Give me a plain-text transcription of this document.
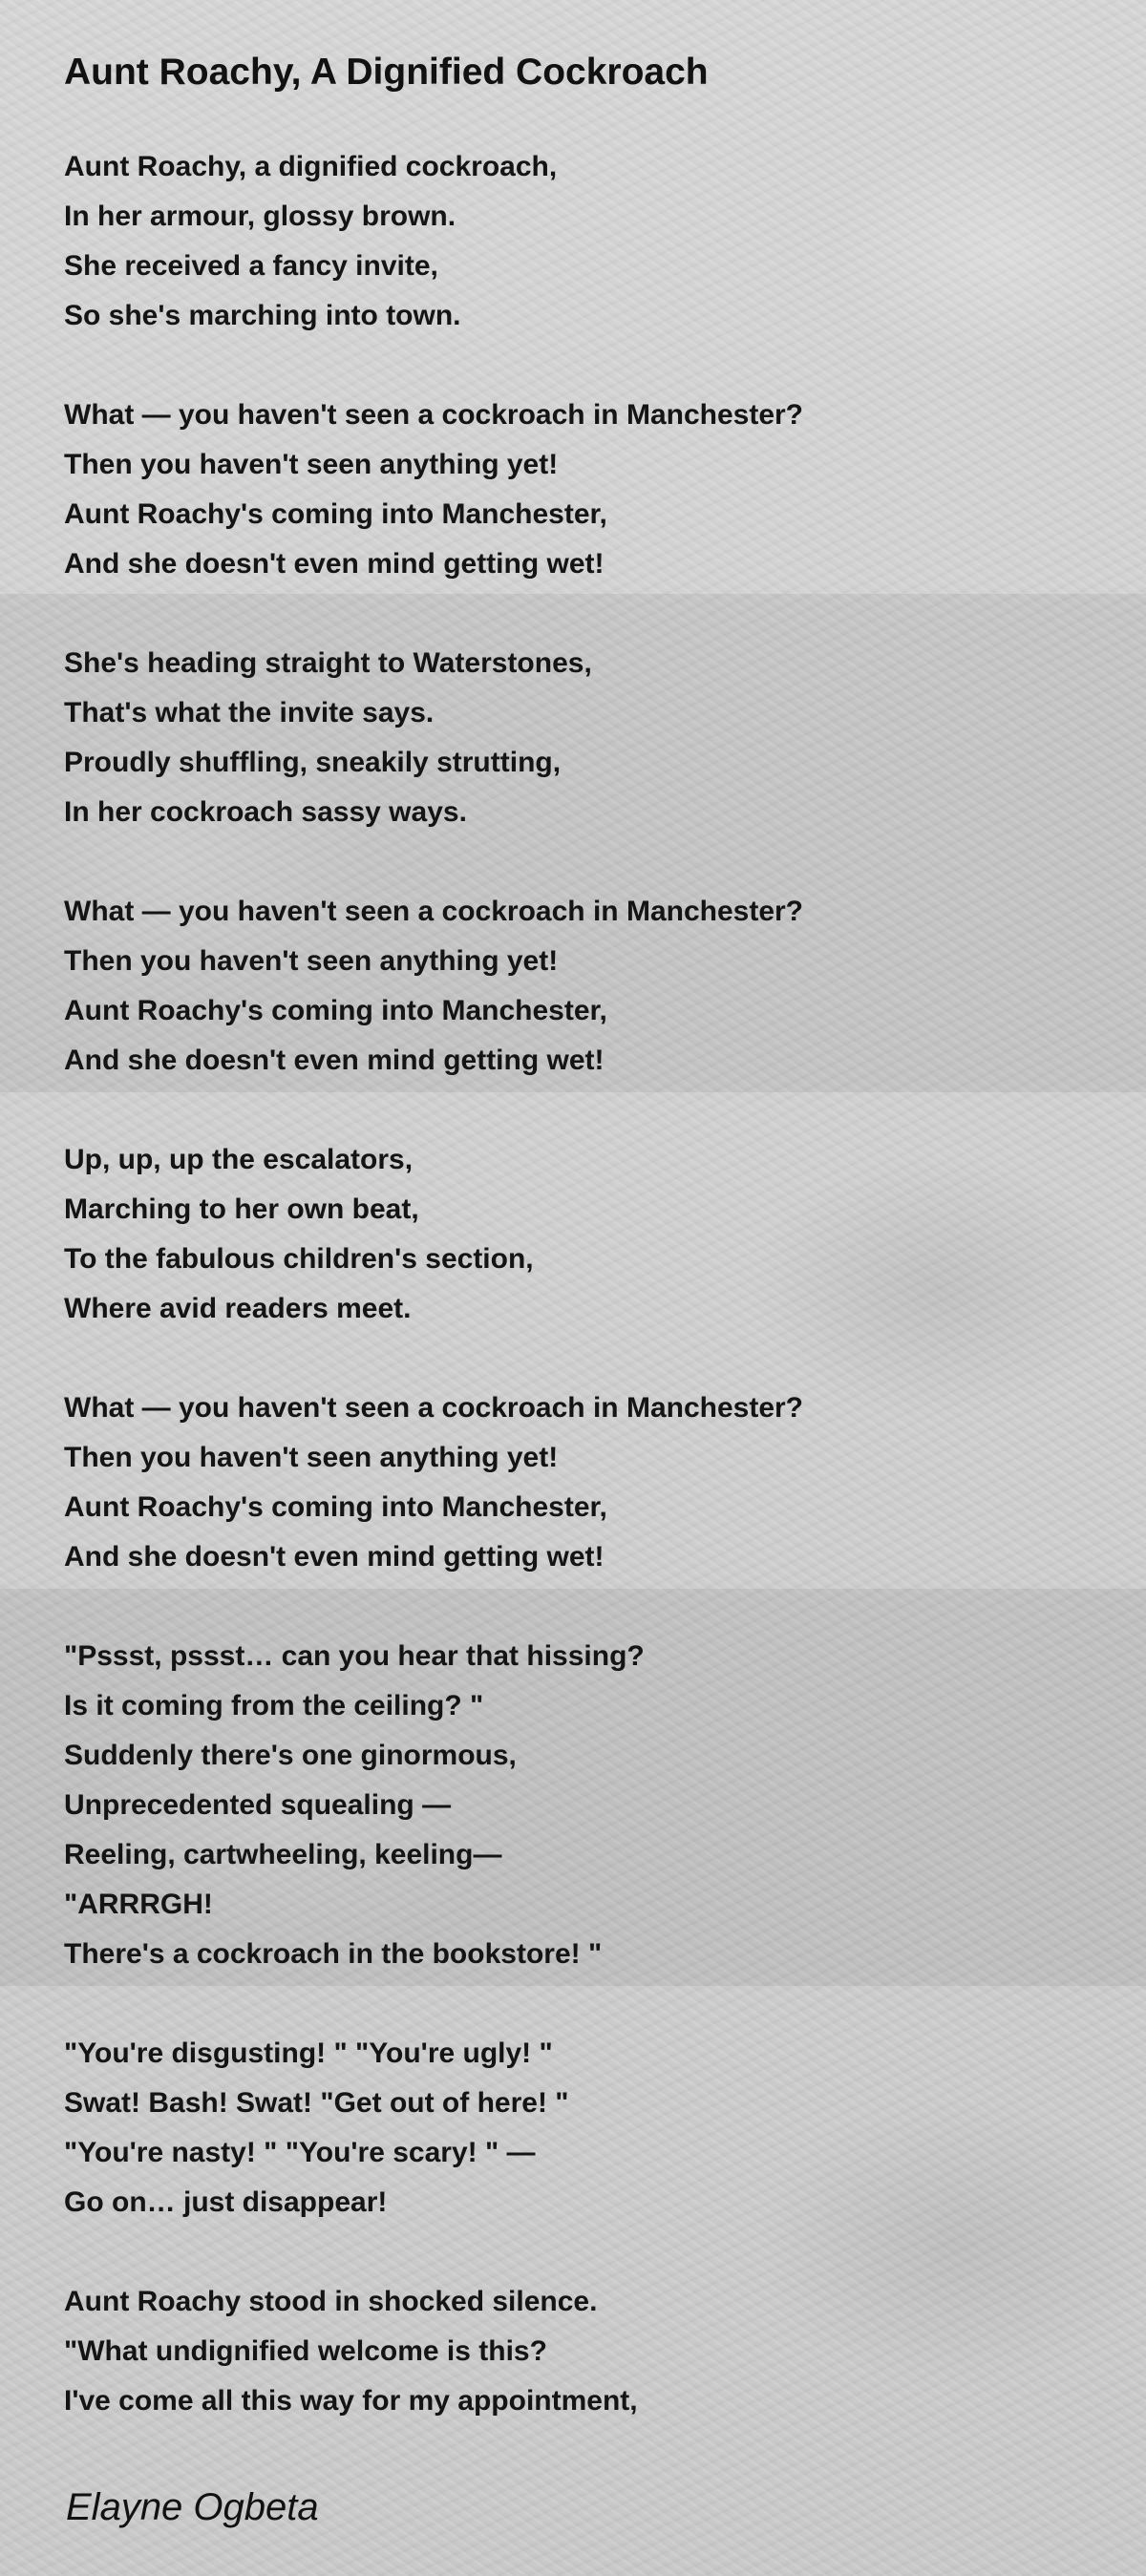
Aunt Roachy, A Dignified Cockroach
Aunt Roachy, a dignified cockroach,
In her armour, glossy brown.
She received a fancy invite,
So she's marching into town.
What — you haven't seen a cockroach in Manchester?
Then you haven't seen anything yet!
Aunt Roachy's coming into Manchester,
And she doesn't even mind getting wet!
She's heading straight to Waterstones,
That's what the invite says.
Proudly shuffling, sneakily strutting,
In her cockroach sassy ways.
What — you haven't seen a cockroach in Manchester?
Then you haven't seen anything yet!
Aunt Roachy's coming into Manchester,
And she doesn't even mind getting wet!
Up, up, up the escalators,
Marching to her own beat,
To the fabulous children's section,
Where avid readers meet.
What — you haven't seen a cockroach in Manchester?
Then you haven't seen anything yet!
Aunt Roachy's coming into Manchester,
And she doesn't even mind getting wet!
"Pssst, pssst… can you hear that hissing?
Is it coming from the ceiling? "
Suddenly there's one ginormous,
Unprecedented squealing —
Reeling, cartwheeling, keeling—
"ARRRGH!
There's a cockroach in the bookstore! "
"You're disgusting! " "You're ugly! "
Swat! Bash! Swat! "Get out of here! "
"You're nasty! " "You're scary! " —
Go on… just disappear!
Aunt Roachy stood in shocked silence.
"What undignified welcome is this?
I've come all this way for my appointment,

Elayne Ogbeta
